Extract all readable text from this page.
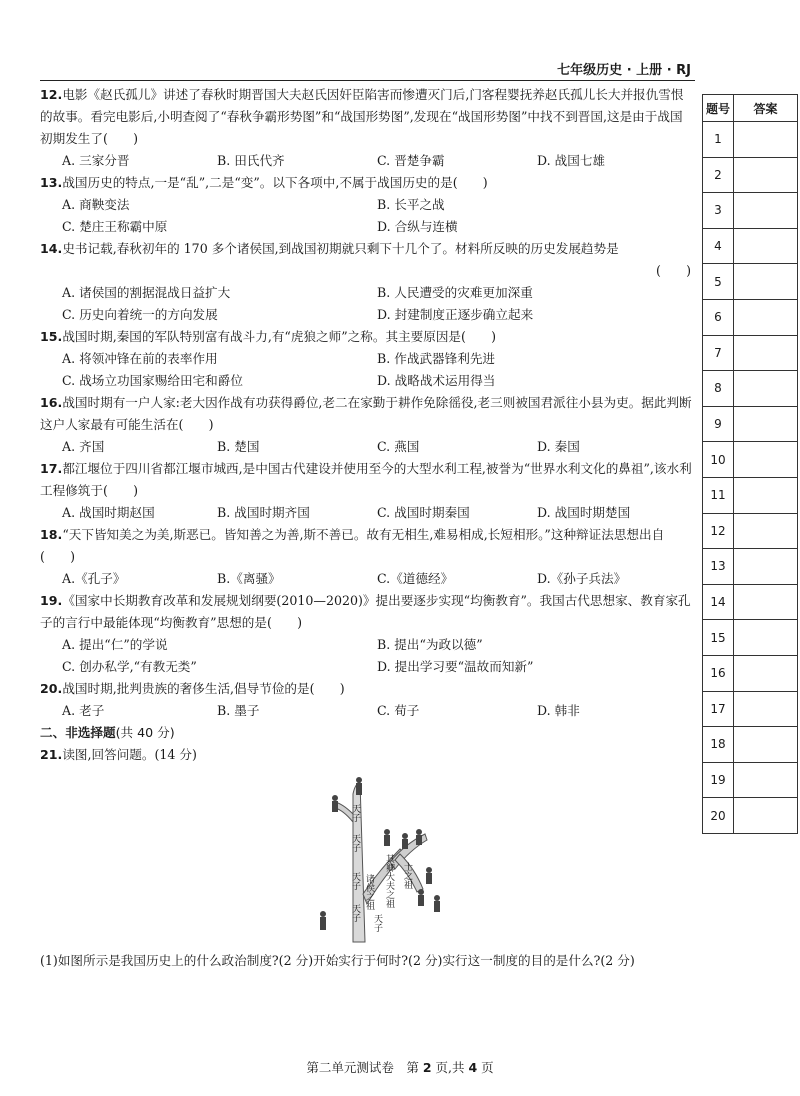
七年级历史 · 上册 · RJ
12.电影《赵氏孤儿》讲述了春秋时期晋国大夫赵氏因奸臣陷害而惨遭灭门后,门客程婴抚养赵氏孤儿长大并报仇雪恨的故事。看完电影后,小明查阅了“春秋争霸形势图”和“战国形势图”,发现在“战国形势图”中找不到晋国,这是由于战国初期发生了(　　)
A. 三家分晋	B. 田氏代齐	C. 晋楚争霸	D. 战国七雄
13.战国历史的特点,一是“乱”,二是“变”。以下各项中,不属于战国历史的是(　　)
A. 商鞅变法	B. 长平之战
C. 楚庄王称霸中原	D. 合纵与连横
14.史书记载,春秋初年的 170 多个诸侯国,到战国初期就只剩下十几个了。材料所反映的历史发展趋势是
(　　)
A. 诸侯国的割据混战日益扩大	B. 人民遭受的灾难更加深重
C. 历史向着统一的方向发展	D. 封建制度正逐步确立起来
15.战国时期,秦国的军队特别富有战斗力,有“虎狼之师”之称。其主要原因是(　　)
A. 将领冲锋在前的表率作用	B. 作战武器锋利先进
C. 战场立功国家赐给田宅和爵位	D. 战略战术运用得当
16.战国时期有一户人家:老大因作战有功获得爵位,老二在家勤于耕作免除徭役,老三则被国君派往小县为吏。据此判断这户人家最有可能生活在(　　)
A. 齐国	B. 楚国	C. 燕国	D. 秦国
17.都江堰位于四川省都江堰市城西,是中国古代建设并使用至今的大型水利工程,被誉为“世界水利文化的鼻祖”,该水利工程修筑于(　　)
A. 战国时期赵国	B. 战国时期齐国	C. 战国时期秦国	D. 战国时期楚国
18.“天下皆知美之为美,斯恶已。皆知善之为善,斯不善已。故有无相生,难易相成,长短相形。”这种辩证法思想出自(　　)
A.《孔子》	B.《离骚》	C.《道德经》	D.《孙子兵法》
19.《国家中长期教育改革和发展规划纲要(2010—2020)》提出要逐步实现“均衡教育”。我国古代思想家、教育家孔子的言行中最能体现“均衡教育”思想的是(　　)
A. 提出“仁”的学说	B. 提出“为政以德”
C. 创办私学,“有教无类”	D. 提出学习要“温故而知新”
20.战国时期,批判贵族的奢侈生活,倡导节俭的是(　　)
A. 老子	B. 墨子	C. 荀子	D. 韩非
二、非选择题(共 40 分)
21.读图,回答问题。(14 分)
天子
天子
天子
天子
天子
诸侯之祖 其卿大夫之祖 士之祖
(1)如图所示是我国历史上的什么政治制度?(2 分)开始实行于何时?(2 分)实行这一制度的目的是什么?(2 分)
题号	答案
1	
2	
3	
4	
5	
6	
7	
8	
9	
10	
11	
12	
13	
14	
15	
16	
17	
18	
19	
20	
第二单元测试卷　第 2 页,共 4 页
